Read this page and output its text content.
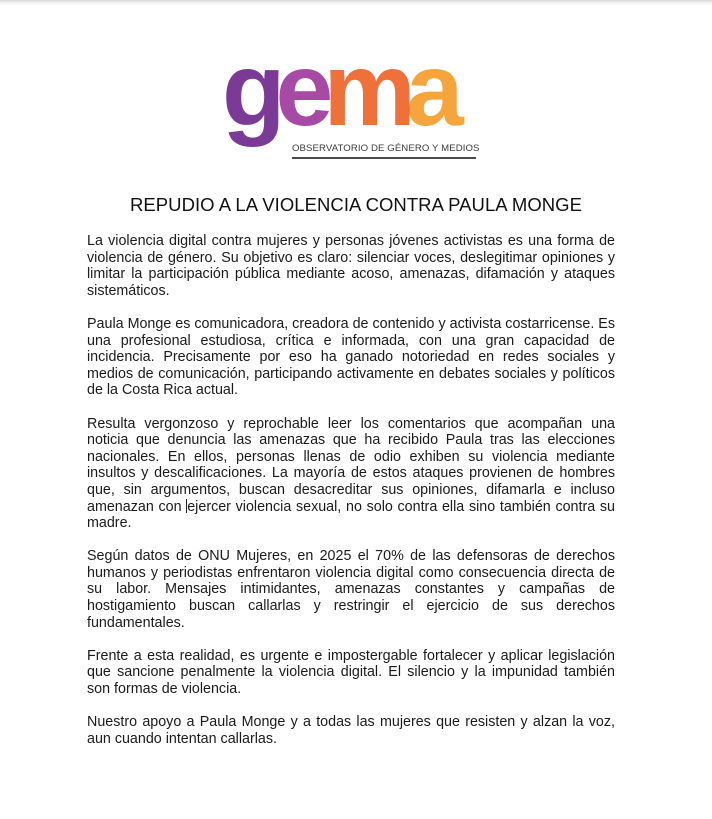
gema
OBSERVATORIO DE GÉNERO Y MEDIOS
REPUDIO A LA VIOLENCIA CONTRA PAULA MONGE

La violencia digital contra mujeres y personas jóvenes activistas es una forma de violencia de género. Su objetivo es claro: silenciar voces, deslegitimar opiniones y limitar la participación pública mediante acoso, amenazas, difamación y ataques sistemáticos.

Paula Monge es comunicadora, creadora de contenido y activista costarricense. Es una profesional estudiosa, crítica e informada, con una gran capacidad de incidencia. Precisamente por eso ha ganado notoriedad en redes sociales y medios de comunicación, participando activamente en debates sociales y políticos de la Costa Rica actual.

Resulta vergonzoso y reprochable leer los comentarios que acompañan una noticia que denuncia las amenazas que ha recibido Paula tras las elecciones nacionales. En ellos, personas llenas de odio exhiben su violencia mediante insultos y descalificaciones. La mayoría de estos ataques provienen de hombres que, sin argumentos, buscan desacreditar sus opiniones, difamarla e incluso amenazan con ejercer violencia sexual, no solo contra ella sino también contra su madre.

Según datos de ONU Mujeres, en 2025 el 70% de las defensoras de derechos humanos y periodistas enfrentaron violencia digital como consecuencia directa de su labor. Mensajes intimidantes, amenazas constantes y campañas de hostigamiento buscan callarlas y restringir el ejercicio de sus derechos fundamentales.

Frente a esta realidad, es urgente e impostergable fortalecer y aplicar legislación que sancione penalmente la violencia digital. El silencio y la impunidad también son formas de violencia.

Nuestro apoyo a Paula Monge y a todas las mujeres que resisten y alzan la voz, aun cuando intentan callarlas.
